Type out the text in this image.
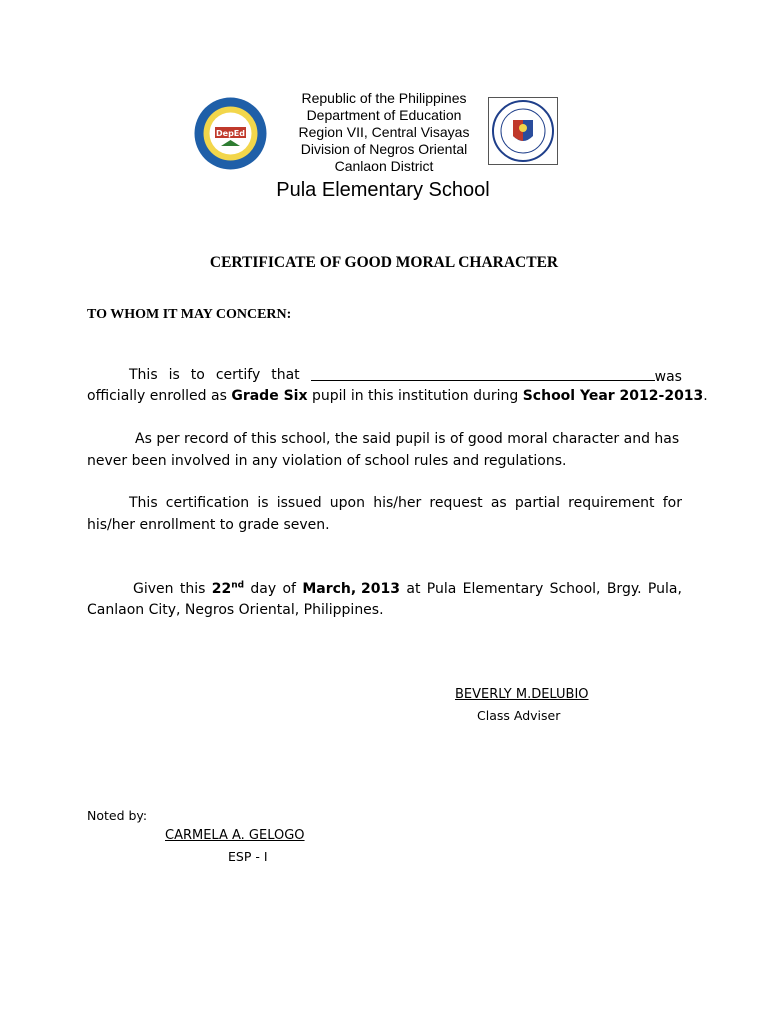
DepEd
Republic of the Philippines
Department of Education
Region VII, Central Visayas
Division of Negros Oriental
Canlaon District
Pula Elementary School
CERTIFICATE OF GOOD MORAL CHARACTER
TO WHOM IT MAY CONCERN:
This is to certify that	was
officially enrolled as Grade Six pupil in this institution during School Year 2012-2013.
As per record of this school, the said pupil is of good moral character and has
never been involved in any violation of school rules and regulations.
This certification is issued upon his/her request as partial requirement for
his/her enrollment to grade seven.
Given this 22nd day of March, 2013 at Pula Elementary School, Brgy. Pula,
Canlaon City, Negros Oriental, Philippines.
BEVERLY M.DELUBIO
Class Adviser
Noted by:
CARMELA A. GELOGO
ESP - I
